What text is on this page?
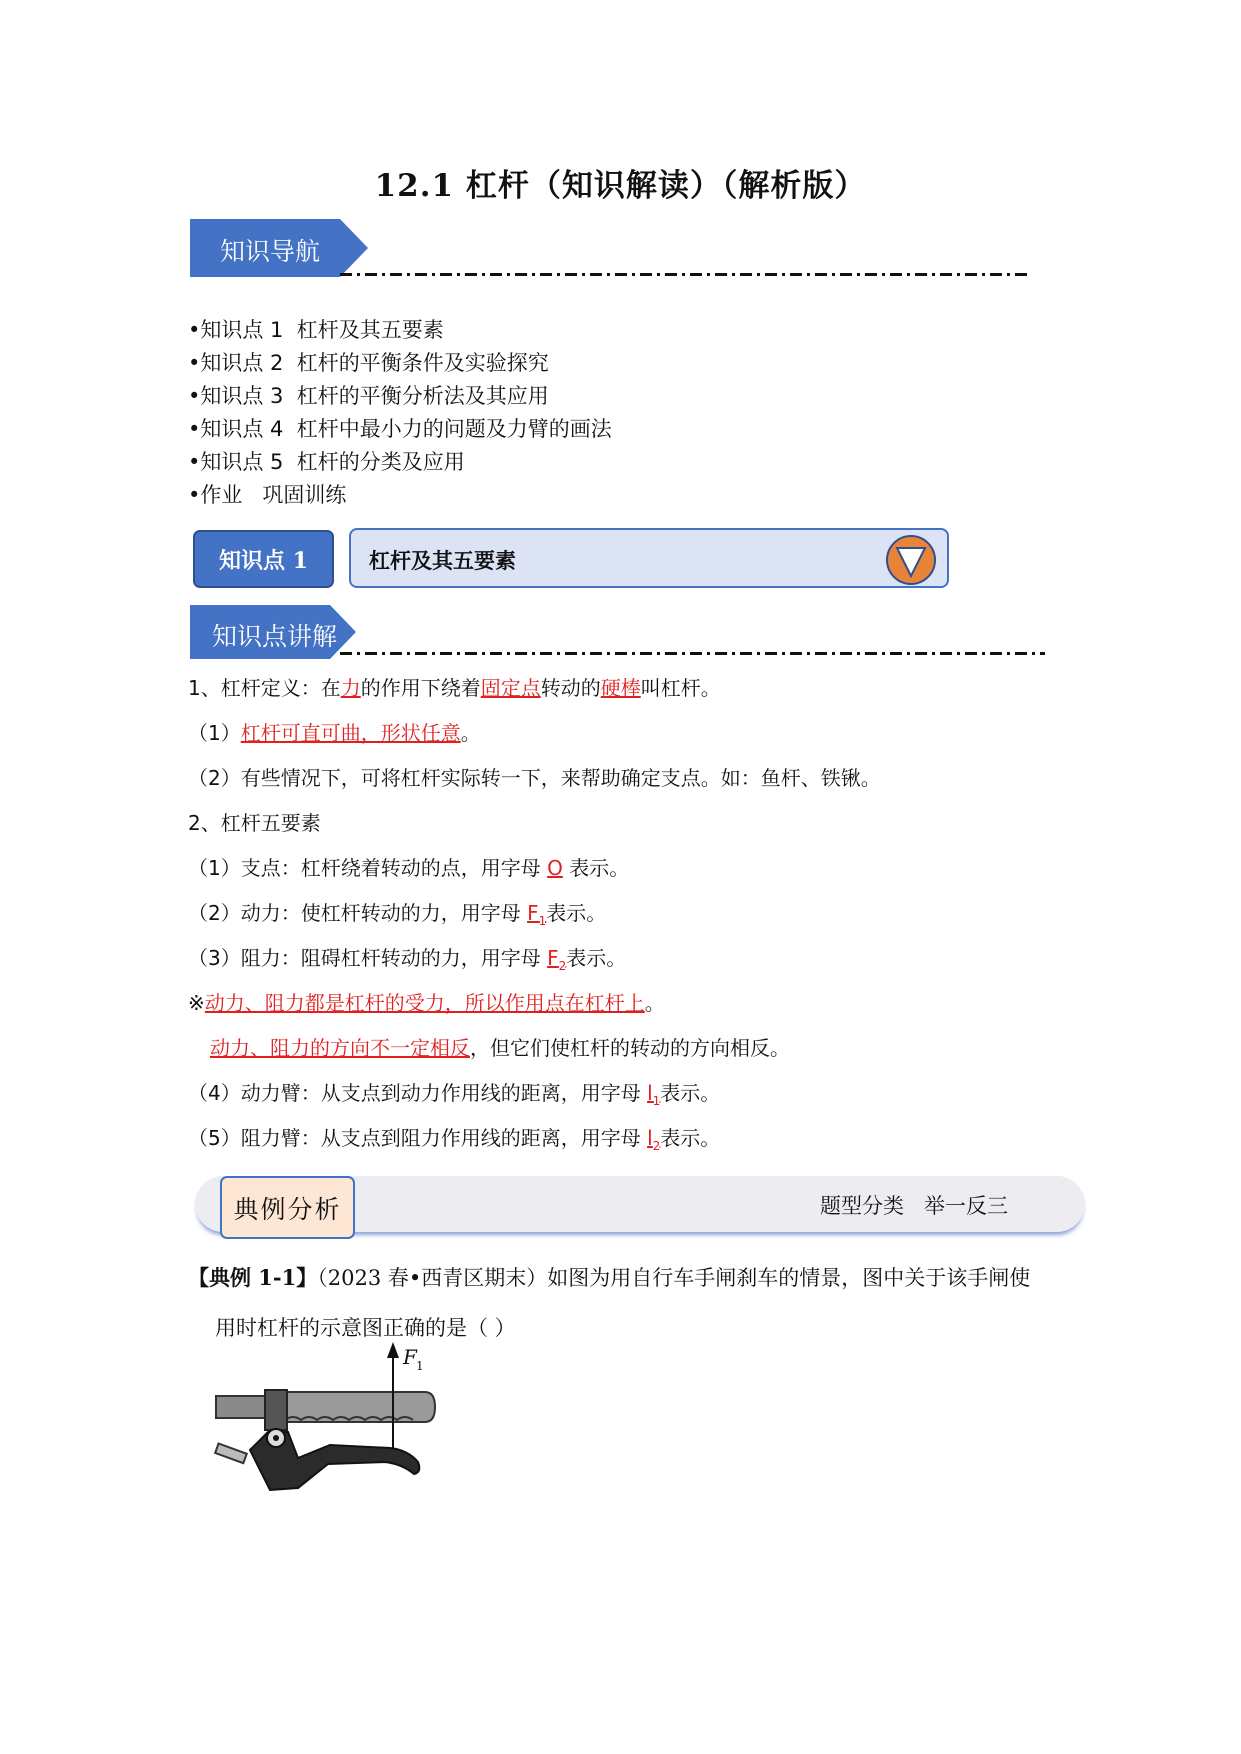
12.1 杠杆（知识解读）（解析版）
知识导航
•知识点 1  杠杆及其五要素
•知识点 2  杠杆的平衡条件及实验探究
•知识点 3  杠杆的平衡分析法及其应用
•知识点 4  杠杆中最小力的问题及力臂的画法
•知识点 5  杠杆的分类及应用
•作业   巩固训练
知识点 1	杠杆及其五要素
知识点讲解
1、杠杆定义：在力的作用下绕着固定点转动的硬棒叫杠杆。
（1）杠杆可直可曲，形状任意。
（2）有些情况下，可将杠杆实际转一下，来帮助确定支点。如：鱼杆、铁锹。
2、杠杆五要素
（1）支点：杠杆绕着转动的点，用字母 O 表示。
（2）动力：使杠杆转动的力，用字母 $F_1$表示。
（3）阻力：阻碍杠杆转动的力，用字母 $F_2$表示。
※动力、阻力都是杠杆的受力，所以作用点在杠杆上。
动力、阻力的方向不一定相反，但它们使杠杆的转动的方向相反。
（4）动力臂：从支点到动力作用线的距离，用字母 $l_1$表示。
（5）阻力臂：从支点到阻力作用线的距离，用字母 $l_2$表示。
典例分析	题型分类   举一反三
【典例 1-1】（2023 春•西青区期末）如图为用自行车手闸刹车的情景，图中关于该手闸使
用时杠杆的示意图正确的是（ ）
F 1
